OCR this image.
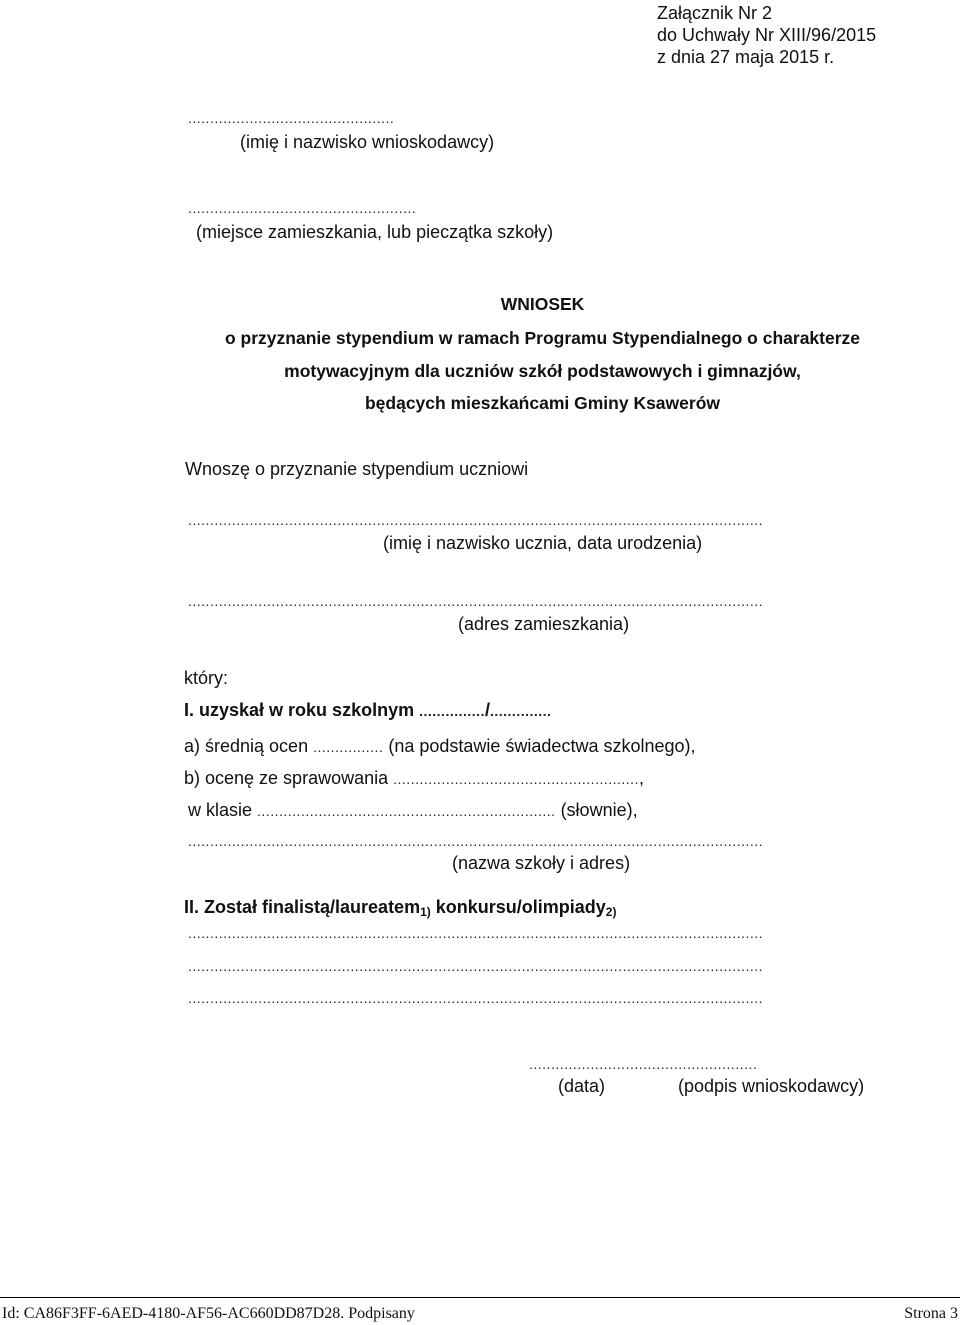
Załącznik Nr 2
do Uchwały Nr XIII/96/2015
z dnia 27 maja 2015 r.
...............................................
(imię i nazwisko wnioskodawcy)
....................................................
(miejsce zamieszkania, lub pieczątka szkoły)
WNIOSEK
o przyznanie stypendium w ramach Programu Stypendialnego o charakterze
motywacyjnym dla uczniów szkół podstawowych i gimnazjów,
będących mieszkańcami Gminy Ksawerów
Wnoszę o przyznanie stypendium uczniowi
...................................................................................................................................
(imię i nazwisko ucznia, data urodzenia)
...................................................................................................................................
(adres zamieszkania)
który:
I. uzyskał w roku szkolnym .............../..............
a) średnią ocen ................ (na podstawie świadectwa szkolnego),
b) ocenę ze sprawowania ........................................................,
w klasie .................................................................... (słownie),
...................................................................................................................................
(nazwa szkoły i adres)
II. Został finalistą/laureatem$_{1)}$ konkursu/olimpiady$_{2)}$
...................................................................................................................................
...................................................................................................................................
...................................................................................................................................
....................................................
(data)	(podpis wnioskodawcy)
Id: CA86F3FF-6AED-4180-AF56-AC660DD87D28. Podpisany	Strona 3
